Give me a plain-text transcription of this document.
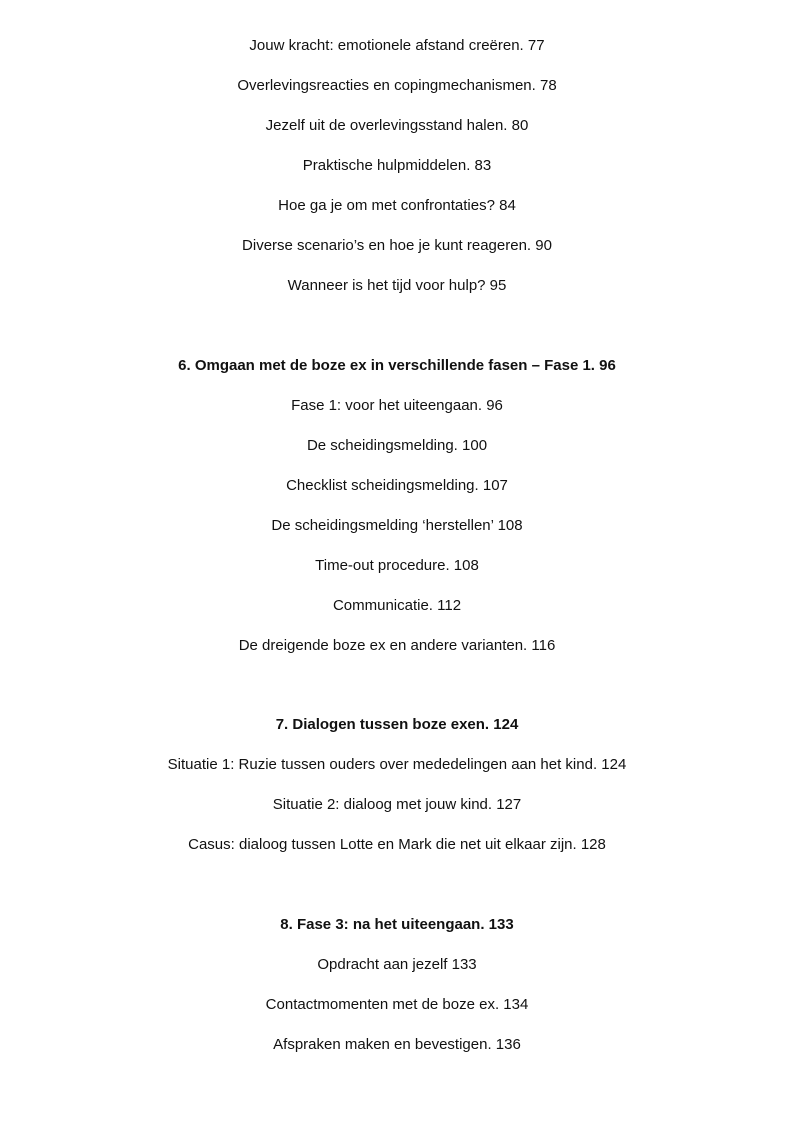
Jouw kracht: emotionele afstand creëren. 77
Overlevingsreacties en copingmechanismen. 78
Jezelf uit de overlevingsstand halen. 80
Praktische hulpmiddelen. 83
Hoe ga je om met confrontaties? 84
Diverse scenario’s en hoe je kunt reageren. 90
Wanneer is het tijd voor hulp? 95
6. Omgaan met de boze ex in verschillende fasen – Fase 1. 96
Fase 1: voor het uiteengaan. 96
De scheidingsmelding. 100
Checklist scheidingsmelding. 107
De scheidingsmelding ‘herstellen’ 108
Time-out procedure. 108
Communicatie. 112
De dreigende boze ex en andere varianten. 116
7. Dialogen tussen boze exen. 124
Situatie 1: Ruzie tussen ouders over mededelingen aan het kind. 124
Situatie 2: dialoog met jouw kind. 127
Casus: dialoog tussen Lotte en Mark die net uit elkaar zijn. 128
8. Fase 3: na het uiteengaan. 133
Opdracht aan jezelf 133
Contactmomenten met de boze ex. 134
Afspraken maken en bevestigen. 136
